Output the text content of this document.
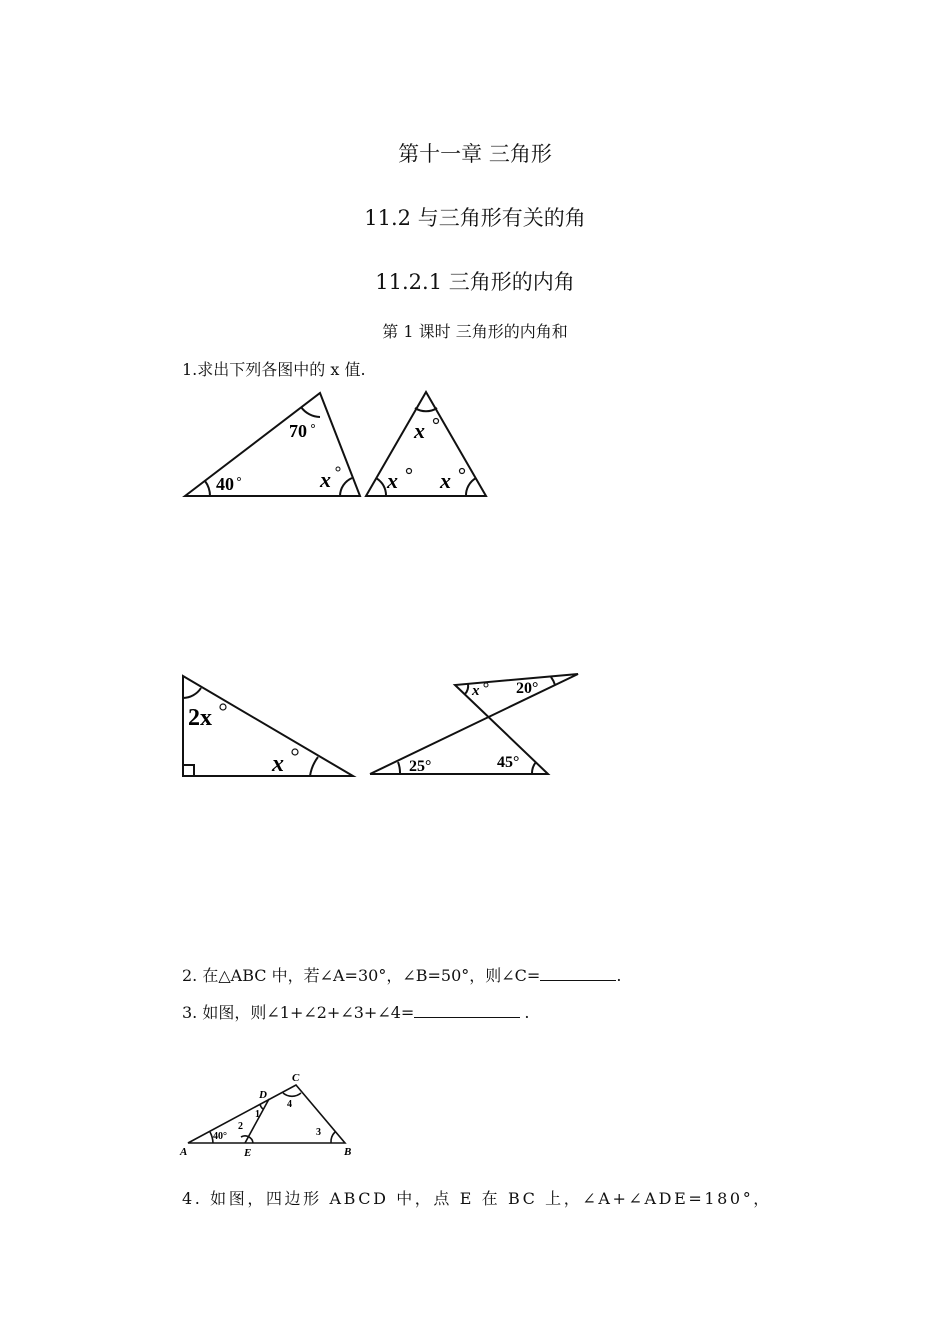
第十一章 三角形
11.2 与三角形有关的角
11.2.1 三角形的内角
第 1 课时 三角形的内角和
1.求出下列各图中的 x 值.
70
40	x
x
x x
2x
x
x 20°
25°	45°
2. 在△ABC 中，若∠A=30°，∠B=50°，则∠C=	.
3. 如图，则∠1+∠2+∠3+∠4=	.
A	B
C
D
E
40°
1
2
3
4
4. 如图，四边形 ABCD 中，点 E 在 BC 上，∠A+∠ADE=180°，
